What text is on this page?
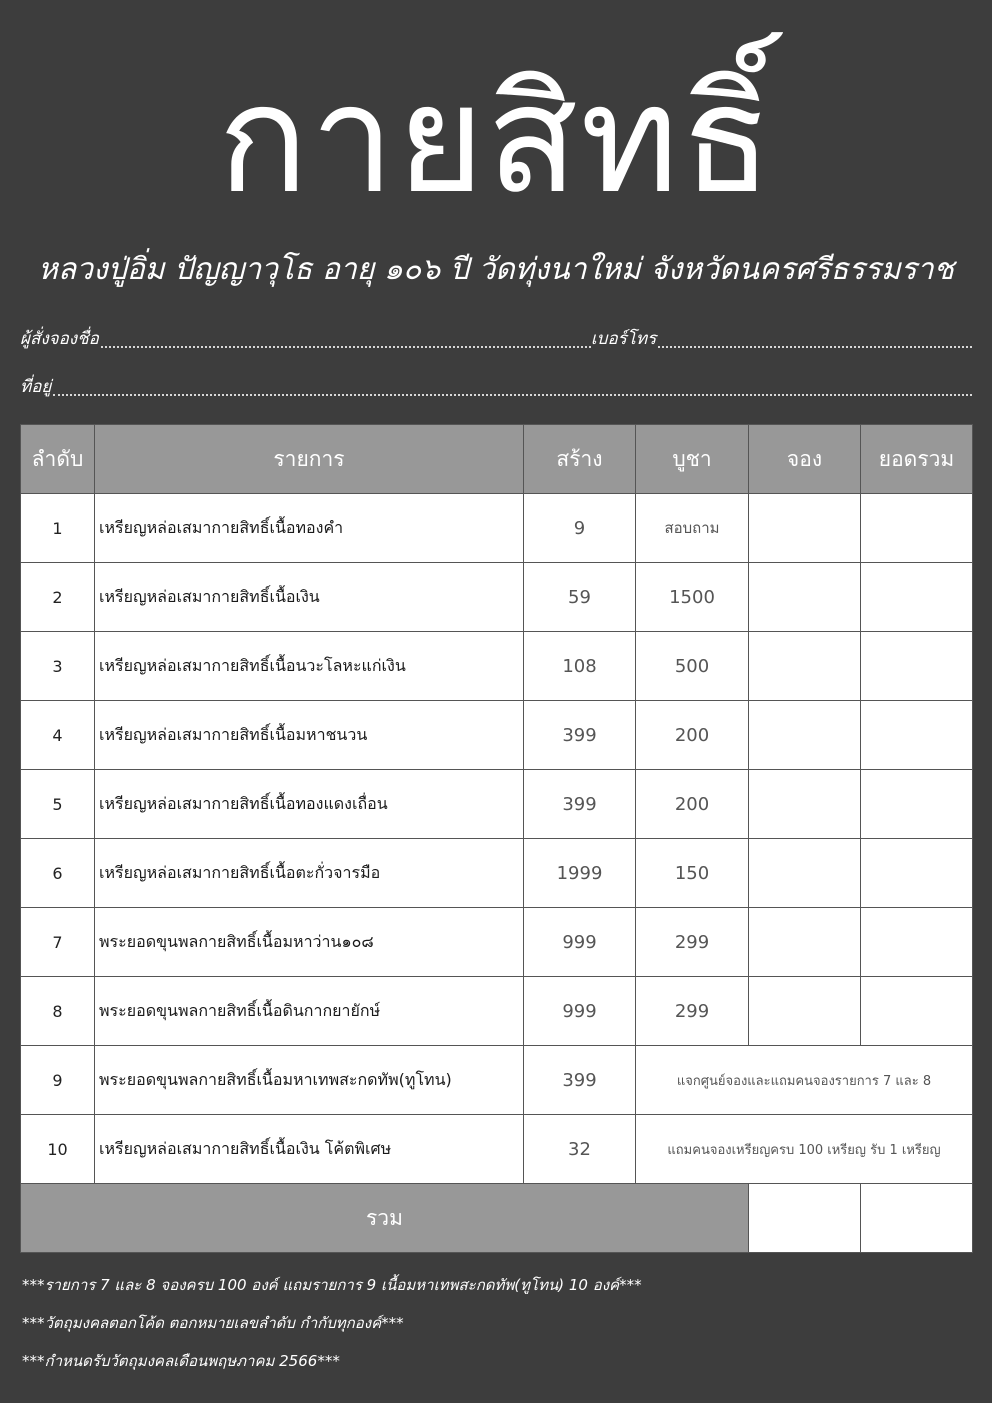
กายสิทธิ์
หลวงปู่อิ่ม ปัญญาวุโธ อายุ ๑๐๖ ปี วัดทุ่งนาใหม่ จังหวัดนครศรีธรรมราช
ผู้สั่งจองชื่อ	เบอร์โทร
ที่อยู่
ลำดับ	รายการ	สร้าง	บูชา	จอง	ยอดรวม
1	เหรียญหล่อเสมากายสิทธิ์เนื้อทองคำ	9	สอบถาม		
2	เหรียญหล่อเสมากายสิทธิ์เนื้อเงิน	59	1500		
3	เหรียญหล่อเสมากายสิทธิ์เนื้อนวะโลหะแก่เงิน	108	500		
4	เหรียญหล่อเสมากายสิทธิ์เนื้อมหาชนวน	399	200		
5	เหรียญหล่อเสมากายสิทธิ์เนื้อทองแดงเถื่อน	399	200		
6	เหรียญหล่อเสมากายสิทธิ์เนื้อตะกั่วจารมือ	1999	150		
7	พระยอดขุนพลกายสิทธิ์เนื้อมหาว่าน๑๐๘	999	299		
8	พระยอดขุนพลกายสิทธิ์เนื้อดินกากยายักษ์	999	299		
9	พระยอดขุนพลกายสิทธิ์เนื้อมหาเทพสะกดทัพ(ทูโทน)	399	แจกศูนย์จองและแถมคนจองรายการ 7 และ 8		
10	เหรียญหล่อเสมากายสิทธิ์เนื้อเงิน โค้ตพิเศษ	32	แถมคนจองเหรียญครบ 100 เหรียญ รับ 1 เหรียญ		
รวม					
***รายการ 7 และ 8 จองครบ 100 องค์ แถมรายการ 9 เนื้อมหาเทพสะกดทัพ(ทูโทน) 10 องค์***
***วัตถุมงคลตอกโค้ด ตอกหมายเลขลำดับ กำกับทุกองค์***
***กำหนดรับวัตถุมงคลเดือนพฤษภาคม 2566***
